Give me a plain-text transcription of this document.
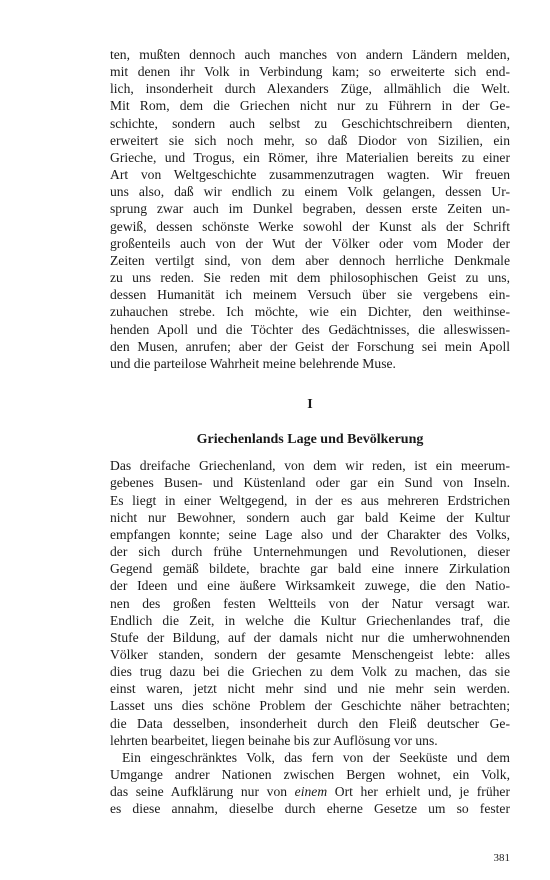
ten, mußten dennoch auch manches von andern Ländern melden,
mit denen ihr Volk in Verbindung kam; so erweiterte sich end-
lich, insonderheit durch Alexanders Züge, allmählich die Welt.
Mit Rom, dem die Griechen nicht nur zu Führern in der Ge-
schichte, sondern auch selbst zu Geschichtschreibern dienten,
erweitert sie sich noch mehr, so daß Diodor von Sizilien, ein
Grieche, und Trogus, ein Römer, ihre Materialien bereits zu einer
Art von Weltgeschichte zusammenzutragen wagten. Wir freuen
uns also, daß wir endlich zu einem Volk gelangen, dessen Ur-
sprung zwar auch im Dunkel begraben, dessen erste Zeiten un-
gewiß, dessen schönste Werke sowohl der Kunst als der Schrift
großenteils auch von der Wut der Völker oder vom Moder der
Zeiten vertilgt sind, von dem aber dennoch herrliche Denkmale
zu uns reden. Sie reden mit dem philosophischen Geist zu uns,
dessen Humanität ich meinem Versuch über sie vergebens ein-
zuhauchen strebe. Ich möchte, wie ein Dichter, den weithinse-
henden Apoll und die Töchter des Gedächtnisses, die alleswissen-
den Musen, anrufen; aber der Geist der Forschung sei mein Apoll
und die parteilose Wahrheit meine belehrende Muse.
I
Griechenlands Lage und Bevölkerung
Das dreifache Griechenland, von dem wir reden, ist ein meerum-
gebenes Busen- und Küstenland oder gar ein Sund von Inseln.
Es liegt in einer Weltgegend, in der es aus mehreren Erdstrichen
nicht nur Bewohner, sondern auch gar bald Keime der Kultur
empfangen konnte; seine Lage also und der Charakter des Volks,
der sich durch frühe Unternehmungen und Revolutionen, dieser
Gegend gemäß bildete, brachte gar bald eine innere Zirkulation
der Ideen und eine äußere Wirksamkeit zuwege, die den Natio-
nen des großen festen Weltteils von der Natur versagt war.
Endlich die Zeit, in welche die Kultur Griechenlandes traf, die
Stufe der Bildung, auf der damals nicht nur die umherwohnenden
Völker standen, sondern der gesamte Menschengeist lebte: alles
dies trug dazu bei die Griechen zu dem Volk zu machen, das sie
einst waren, jetzt nicht mehr sind und nie mehr sein werden.
Lasset uns dies schöne Problem der Geschichte näher betrachten;
die Data desselben, insonderheit durch den Fleiß deutscher Ge-
lehrten bearbeitet, liegen beinahe bis zur Auflösung vor uns.
Ein eingeschränktes Volk, das fern von der Seeküste und dem
Umgange andrer Nationen zwischen Bergen wohnet, ein Volk,
das seine Aufklärung nur von einem Ort her erhielt und, je früher
es diese annahm, dieselbe durch eherne Gesetze um so fester
381
